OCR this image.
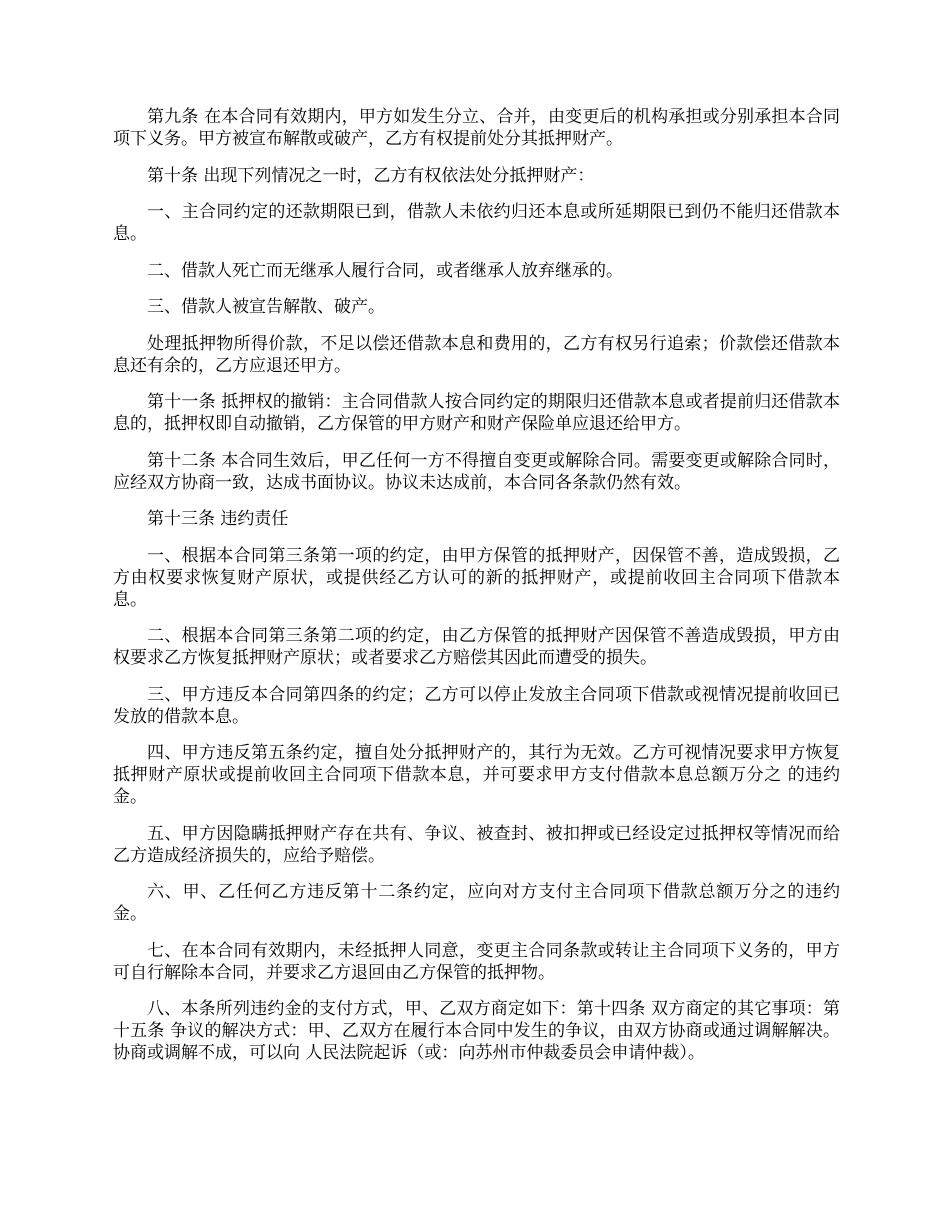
第九条 在本合同有效期内，甲方如发生分立、合并，由变更后的机构承担或分别承担本合同项下义务。甲方被宣布解散或破产，乙方有权提前处分其抵押财产。

第十条 出现下列情况之一时，乙方有权依法处分抵押财产：

一、主合同约定的还款期限已到，借款人未依约归还本息或所延期限已到仍不能归还借款本息。

二、借款人死亡而无继承人履行合同，或者继承人放弃继承的。

三、借款人被宣告解散、破产。

处理抵押物所得价款，不足以偿还借款本息和费用的，乙方有权另行追索；价款偿还借款本息还有余的，乙方应退还甲方。

第十一条 抵押权的撤销：主合同借款人按合同约定的期限归还借款本息或者提前归还借款本息的，抵押权即自动撤销，乙方保管的甲方财产和财产保险单应退还给甲方。

第十二条 本合同生效后，甲乙任何一方不得擅自变更或解除合同。需要变更或解除合同时，应经双方协商一致，达成书面协议。协议未达成前，本合同各条款仍然有效。

第十三条 违约责任

一、根据本合同第三条第一项的约定，由甲方保管的抵押财产，因保管不善，造成毁损，乙方由权要求恢复财产原状，或提供经乙方认可的新的抵押财产，或提前收回主合同项下借款本息。

二、根据本合同第三条第二项的约定，由乙方保管的抵押财产因保管不善造成毁损，甲方由权要求乙方恢复抵押财产原状；或者要求乙方赔偿其因此而遭受的损失。

三、甲方违反本合同第四条的约定；乙方可以停止发放主合同项下借款或视情况提前收回已发放的借款本息。

四、甲方违反第五条约定，擅自处分抵押财产的，其行为无效。乙方可视情况要求甲方恢复抵押财产原状或提前收回主合同项下借款本息，并可要求甲方支付借款本息总额万分之 的违约金。

五、甲方因隐瞒抵押财产存在共有、争议、被查封、被扣押或已经设定过抵押权等情况而给乙方造成经济损失的，应给予赔偿。

六、甲、乙任何乙方违反第十二条约定，应向对方支付主合同项下借款总额万分之的违约金。

七、在本合同有效期内，未经抵押人同意，变更主合同条款或转让主合同项下义务的，甲方可自行解除本合同，并要求乙方退回由乙方保管的抵押物。

八、本条所列违约金的支付方式，甲、乙双方商定如下：第十四条 双方商定的其它事项：第十五条 争议的解决方式：甲、乙双方在履行本合同中发生的争议，由双方协商或通过调解解决。协商或调解不成，可以向 人民法院起诉（或：向苏州市仲裁委员会申请仲裁）。
